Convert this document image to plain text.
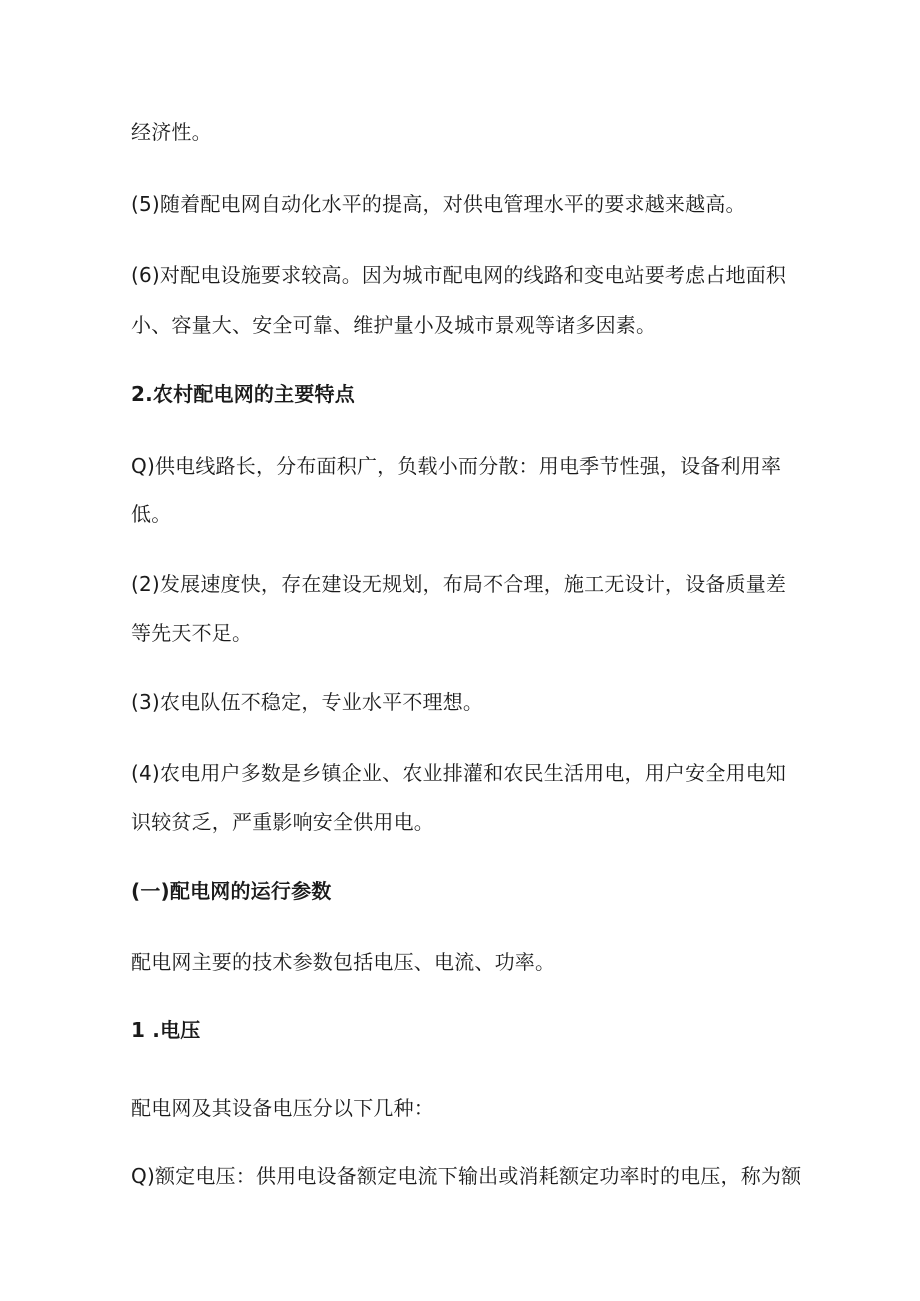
经济性。
(5)随着配电网自动化水平的提高，对供电管理水平的要求越来越高。
(6)对配电设施要求较高。因为城市配电网的线路和变电站要考虑占地面积
小、容量大、安全可靠、维护量小及城市景观等诸多因素。
2.农村配电网的主要特点
Q)供电线路长，分布面积广，负载小而分散：用电季节性强，设备利用率
低。
(2)发展速度快，存在建设无规划，布局不合理，施工无设计，设备质量差
等先天不足。
(3)农电队伍不稳定，专业水平不理想。
(4)农电用户多数是乡镇企业、农业排灌和农民生活用电，用户安全用电知
识较贫乏，严重影响安全供用电。
(一)配电网的运行参数
配电网主要的技术参数包括电压、电流、功率。
1 .电压
配电网及其设备电压分以下几种：
Q)额定电压：供用电设备额定电流下输出或消耗额定功率时的电压，称为额
